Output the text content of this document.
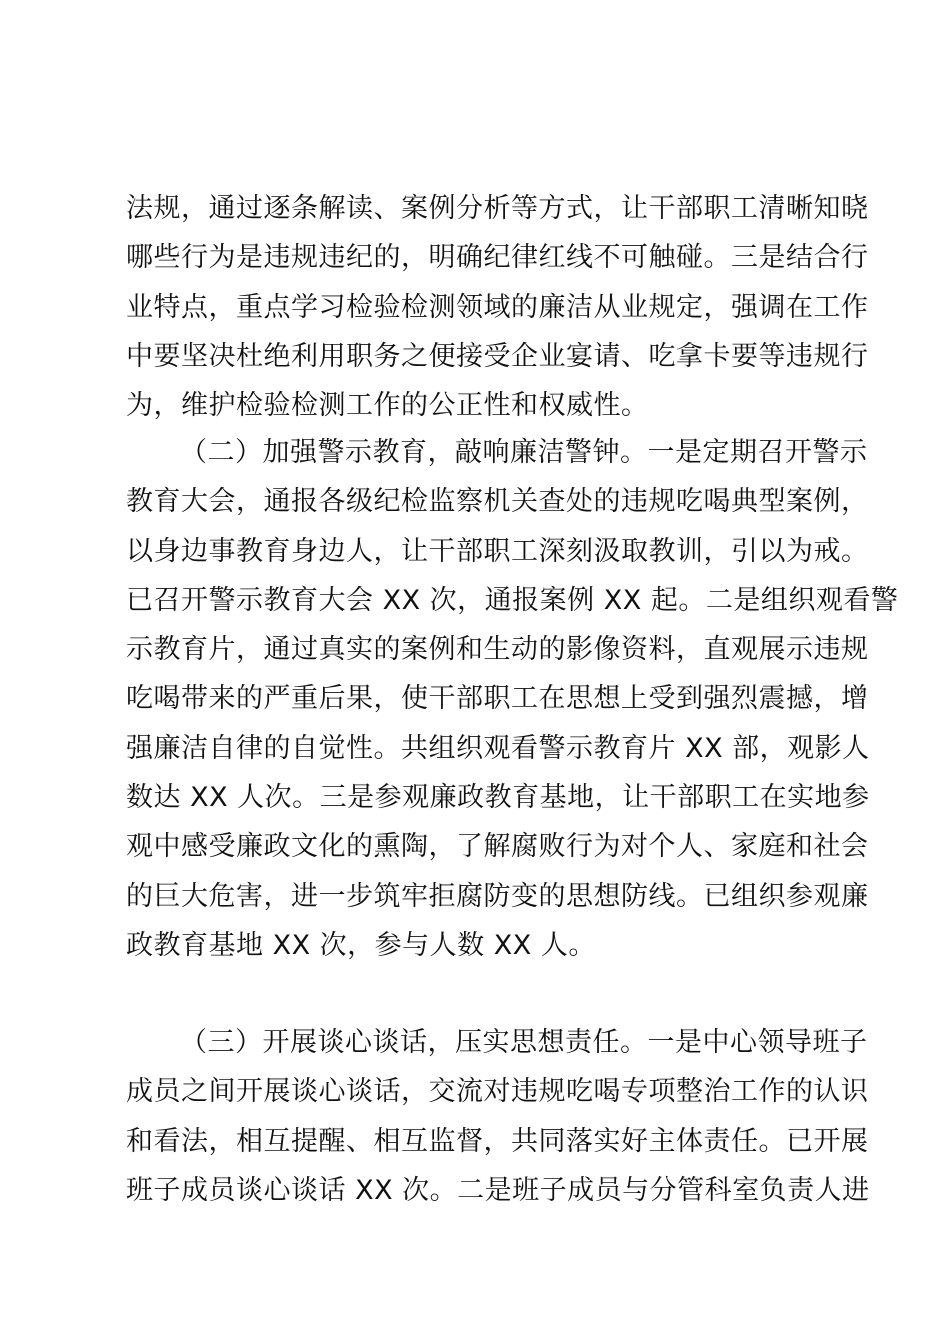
法规，通过逐条解读、案例分析等方式，让干部职工清晰知晓
哪些行为是违规违纪的，明确纪律红线不可触碰。三是结合行
业特点，重点学习检验检测领域的廉洁从业规定，强调在工作
中要坚决杜绝利用职务之便接受企业宴请、吃拿卡要等违规行
为，维护检验检测工作的公正性和权威性。
（二）加强警示教育，敲响廉洁警钟。一是定期召开警示
教育大会，通报各级纪检监察机关查处的违规吃喝典型案例，
以身边事教育身边人，让干部职工深刻汲取教训，引以为戒。
已召开警示教育大会 XX 次，通报案例 XX 起。二是组织观看警
示教育片，通过真实的案例和生动的影像资料，直观展示违规
吃喝带来的严重后果，使干部职工在思想上受到强烈震撼，增
强廉洁自律的自觉性。共组织观看警示教育片 XX 部，观影人
数达 XX 人次。三是参观廉政教育基地，让干部职工在实地参
观中感受廉政文化的熏陶，了解腐败行为对个人、家庭和社会
的巨大危害，进一步筑牢拒腐防变的思想防线。已组织参观廉
政教育基地 XX 次，参与人数 XX 人。
（三）开展谈心谈话，压实思想责任。一是中心领导班子
成员之间开展谈心谈话，交流对违规吃喝专项整治工作的认识
和看法，相互提醒、相互监督，共同落实好主体责任。已开展
班子成员谈心谈话 XX 次。二是班子成员与分管科室负责人进
